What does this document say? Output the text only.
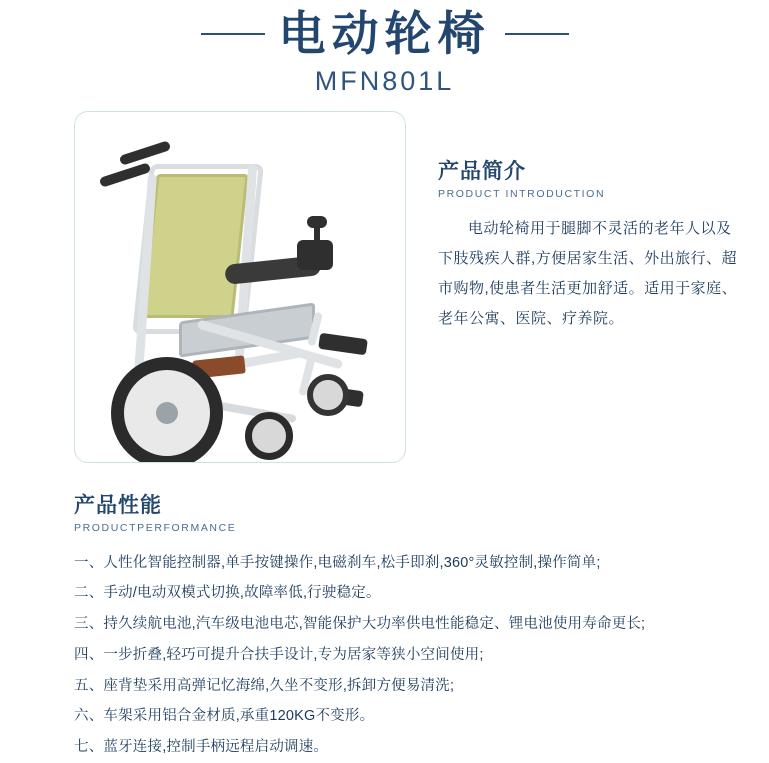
电动轮椅
MFN801L
产品简介
PRODUCT INTRODUCTION

电动轮椅用于腿脚不灵活的老年人以及下肢残疾人群,方便居家生活、外出旅行、超市购物,使患者生活更加舒适。适用于家庭、老年公寓、医院、疗养院。

产品性能
PRODUCTPERFORMANCE
一、人性化智能控制器,单手按键操作,电磁刹车,松手即刹,360°灵敏控制,操作简单;
二、手动/电动双模式切换,故障率低,行驶稳定。
三、持久续航电池,汽车级电池电芯,智能保护大功率供电性能稳定、锂电池使用寿命更长;
四、一步折叠,轻巧可提升合扶手设计,专为居家等狭小空间使用;
五、座背垫采用高弹记忆海绵,久坐不变形,拆卸方便易清洗;
六、车架采用铝合金材质,承重120KG不变形。
七、蓝牙连接,控制手柄远程启动调速。
